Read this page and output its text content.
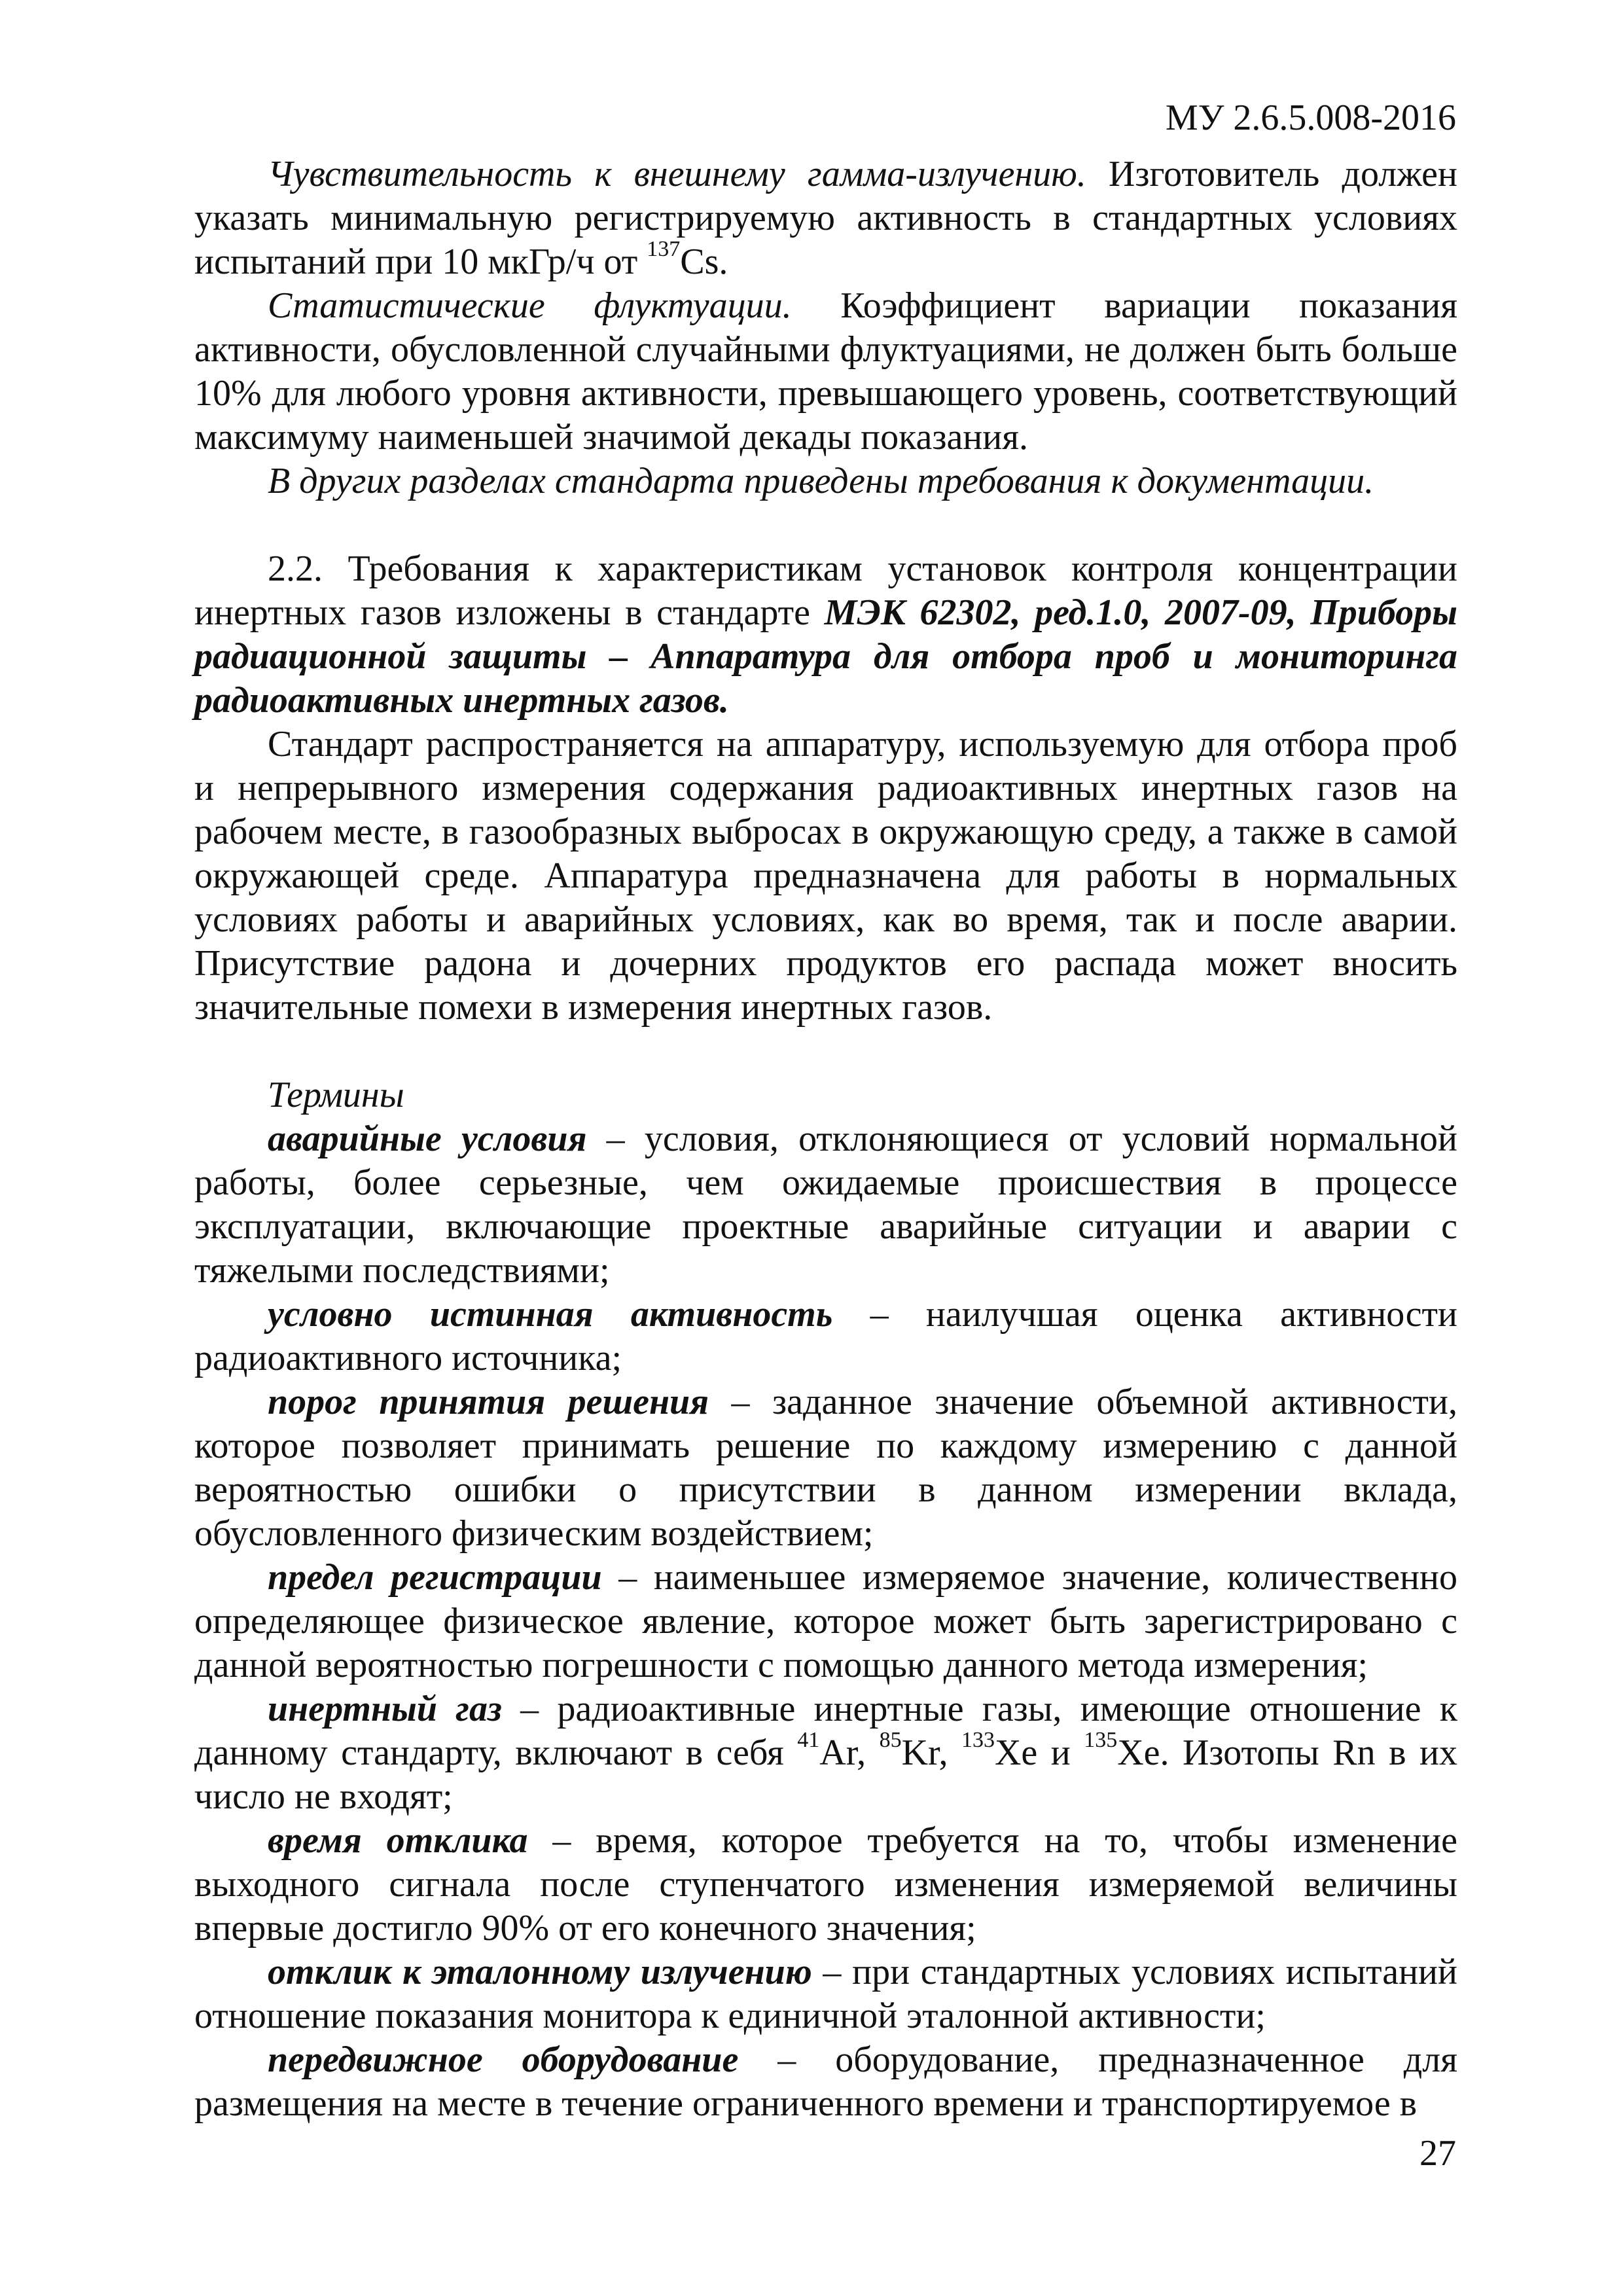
МУ 2.6.5.008-2016

Чувствительность к внешнему гамма-излучению. Изготовитель должен указать минимальную регистрируемую активность в стандартных условиях испытаний при 10 мкГр/ч от $^{137}$Cs.

Статистические флуктуации. Коэффициент вариации показания активности, обусловленной случайными флуктуациями, не должен быть больше 10% для любого уровня активности, превышающего уровень, соответствующий максимуму наименьшей значимой декады показания.

В других разделах стандарта приведены требования к документации.

2.2. Требования к характеристикам установок контроля концентрации инертных газов изложены в стандарте МЭК 62302, ред.1.0, 2007-09, Приборы радиационной защиты – Аппаратура для отбора проб и мониторинга радиоактивных инертных газов.

Стандарт распространяется на аппаратуру, используемую для отбора проб и непрерывного измерения содержания радиоактивных инертных газов на рабочем месте, в газообразных выбросах в окружающую среду, а также в самой окружающей среде. Аппаратура предназначена для работы в нормальных условиях работы и аварийных условиях, как во время, так и после аварии. Присутствие радона и дочерних продуктов его распада может вносить значительные помехи в измерения инертных газов.

Термины

аварийные условия – условия, отклоняющиеся от условий нормальной работы, более серьезные, чем ожидаемые происшествия в процессе эксплуатации, включающие проектные аварийные ситуации и аварии с тяжелыми последствиями;

условно истинная активность – наилучшая оценка активности радиоактивного источника;

порог принятия решения – заданное значение объемной активности, которое позволяет принимать решение по каждому измерению с данной вероятностью ошибки о присутствии в данном измерении вклада, обусловленного физическим воздействием;

предел регистрации – наименьшее измеряемое значение, количественно определяющее физическое явление, которое может быть зарегистрировано с данной вероятностью погрешности с помощью данного метода измерения;

инертный газ – радиоактивные инертные газы, имеющие отношение к данному стандарту, включают в себя $^{41}$Ar, $^{85}$Kr, $^{133}$Xe и $^{135}$Xe. Изотопы Rn в их число не входят;

время отклика – время, которое требуется на то, чтобы изменение выходного сигнала после ступенчатого изменения измеряемой величины впервые достигло 90% от его конечного значения;

отклик к эталонному излучению – при стандартных условиях испытаний отношение показания монитора к единичной эталонной активности;

передвижное оборудование – оборудование, предназначенное для размещения на месте в течение ограниченного времени и транспортируемое в

27
